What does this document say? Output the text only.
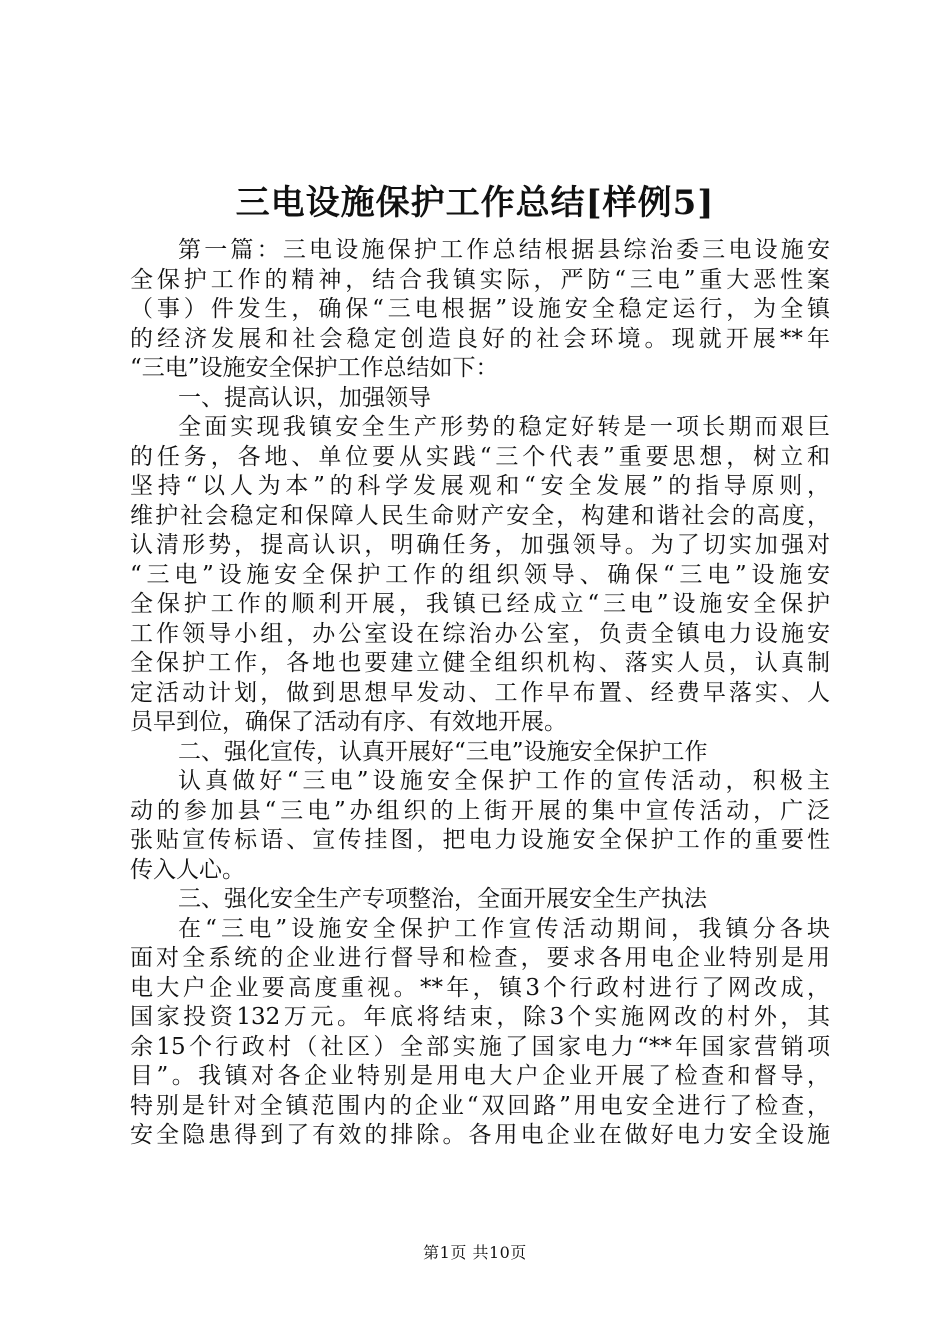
三电设施保护工作总结[样例5]
第一篇：三电设施保护工作总结根据县综治委三电设施安
全保护工作的精神，结合我镇实际，严防“三电”重大恶性案
（事）件发生，确保“三电根据”设施安全稳定运行，为全镇
的经济发展和社会稳定创造良好的社会环境。现就开展**年
“三电”设施安全保护工作总结如下：
一、提高认识，加强领导
全面实现我镇安全生产形势的稳定好转是一项长期而艰巨
的任务，各地、单位要从实践“三个代表”重要思想，树立和
坚持“以人为本”的科学发展观和“安全发展”的指导原则，
维护社会稳定和保障人民生命财产安全，构建和谐社会的高度，
认清形势，提高认识，明确任务，加强领导。为了切实加强对
“三电”设施安全保护工作的组织领导、确保“三电”设施安
全保护工作的顺利开展，我镇已经成立“三电”设施安全保护
工作领导小组，办公室设在综治办公室，负责全镇电力设施安
全保护工作，各地也要建立健全组织机构、落实人员，认真制
定活动计划，做到思想早发动、工作早布置、经费早落实、人
员早到位，确保了活动有序、有效地开展。
二、强化宣传，认真开展好“三电”设施安全保护工作
认真做好“三电”设施安全保护工作的宣传活动，积极主
动的参加县“三电”办组织的上街开展的集中宣传活动，广泛
张贴宣传标语、宣传挂图，把电力设施安全保护工作的重要性
传入人心。
三、强化安全生产专项整治，全面开展安全生产执法
在“三电”设施安全保护工作宣传活动期间，我镇分各块
面对全系统的企业进行督导和检查，要求各用电企业特别是用
电大户企业要高度重视。**年，镇3个行政村进行了网改成，
国家投资132万元。年底将结束，除3个实施网改的村外，其
余15个行政村（社区）全部实施了国家电力“**年国家营销项
目”。我镇对各企业特别是用电大户企业开展了检查和督导，
特别是针对全镇范围内的企业“双回路”用电安全进行了检查，
安全隐患得到了有效的排除。各用电企业在做好电力安全设施
第1页 共10页
